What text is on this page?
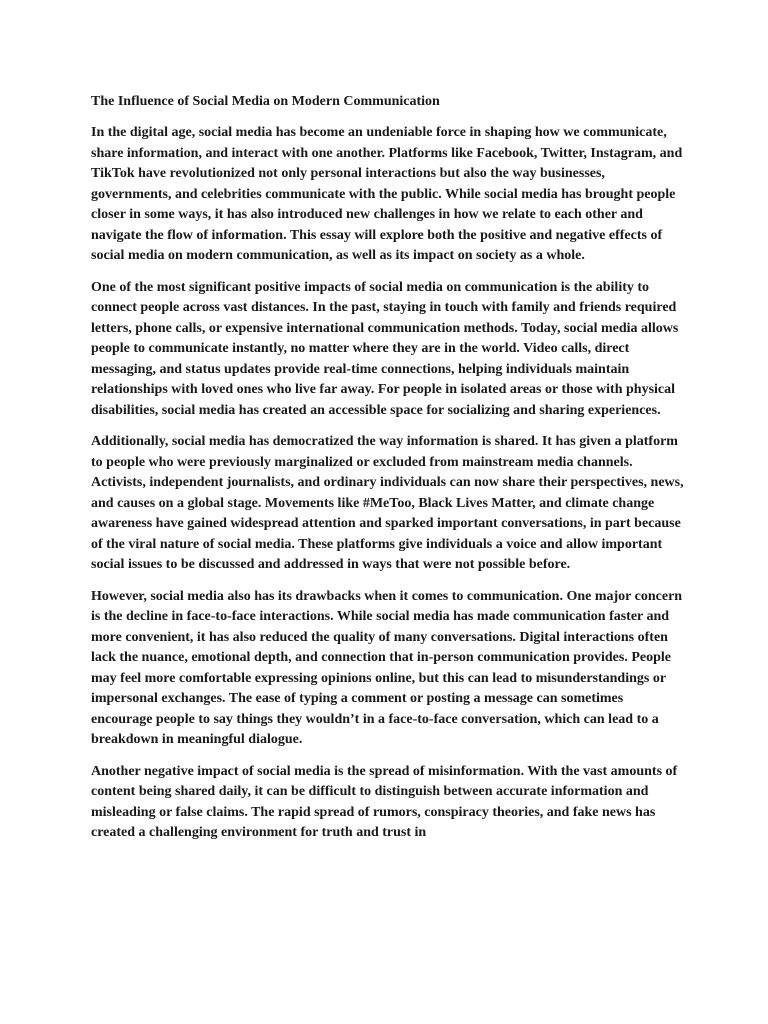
The Influence of Social Media on Modern Communication

In the digital age, social media has become an undeniable force in shaping how we communicate, share information, and interact with one another. Platforms like Facebook, Twitter, Instagram, and TikTok have revolutionized not only personal interactions but also the way businesses, governments, and celebrities communicate with the public. While social media has brought people closer in some ways, it has also introduced new challenges in how we relate to each other and navigate the flow of information. This essay will explore both the positive and negative effects of social media on modern communication, as well as its impact on society as a whole.

One of the most significant positive impacts of social media on communication is the ability to connect people across vast distances. In the past, staying in touch with family and friends required letters, phone calls, or expensive international communication methods. Today, social media allows people to communicate instantly, no matter where they are in the world. Video calls, direct messaging, and status updates provide real-time connections, helping individuals maintain relationships with loved ones who live far away. For people in isolated areas or those with physical disabilities, social media has created an accessible space for socializing and sharing experiences.

Additionally, social media has democratized the way information is shared. It has given a platform to people who were previously marginalized or excluded from mainstream media channels. Activists, independent journalists, and ordinary individuals can now share their perspectives, news, and causes on a global stage. Movements like #MeToo, Black Lives Matter, and climate change awareness have gained widespread attention and sparked important conversations, in part because of the viral nature of social media. These platforms give individuals a voice and allow important social issues to be discussed and addressed in ways that were not possible before.

However, social media also has its drawbacks when it comes to communication. One major concern is the decline in face-to-face interactions. While social media has made communication faster and more convenient, it has also reduced the quality of many conversations. Digital interactions often lack the nuance, emotional depth, and connection that in-person communication provides. People may feel more comfortable expressing opinions online, but this can lead to misunderstandings or impersonal exchanges. The ease of typing a comment or posting a message can sometimes encourage people to say things they wouldn’t in a face-to-face conversation, which can lead to a breakdown in meaningful dialogue.

Another negative impact of social media is the spread of misinformation. With the vast amounts of content being shared daily, it can be difficult to distinguish between accurate information and misleading or false claims. The rapid spread of rumors, conspiracy theories, and fake news has created a challenging environment for truth and trust in
